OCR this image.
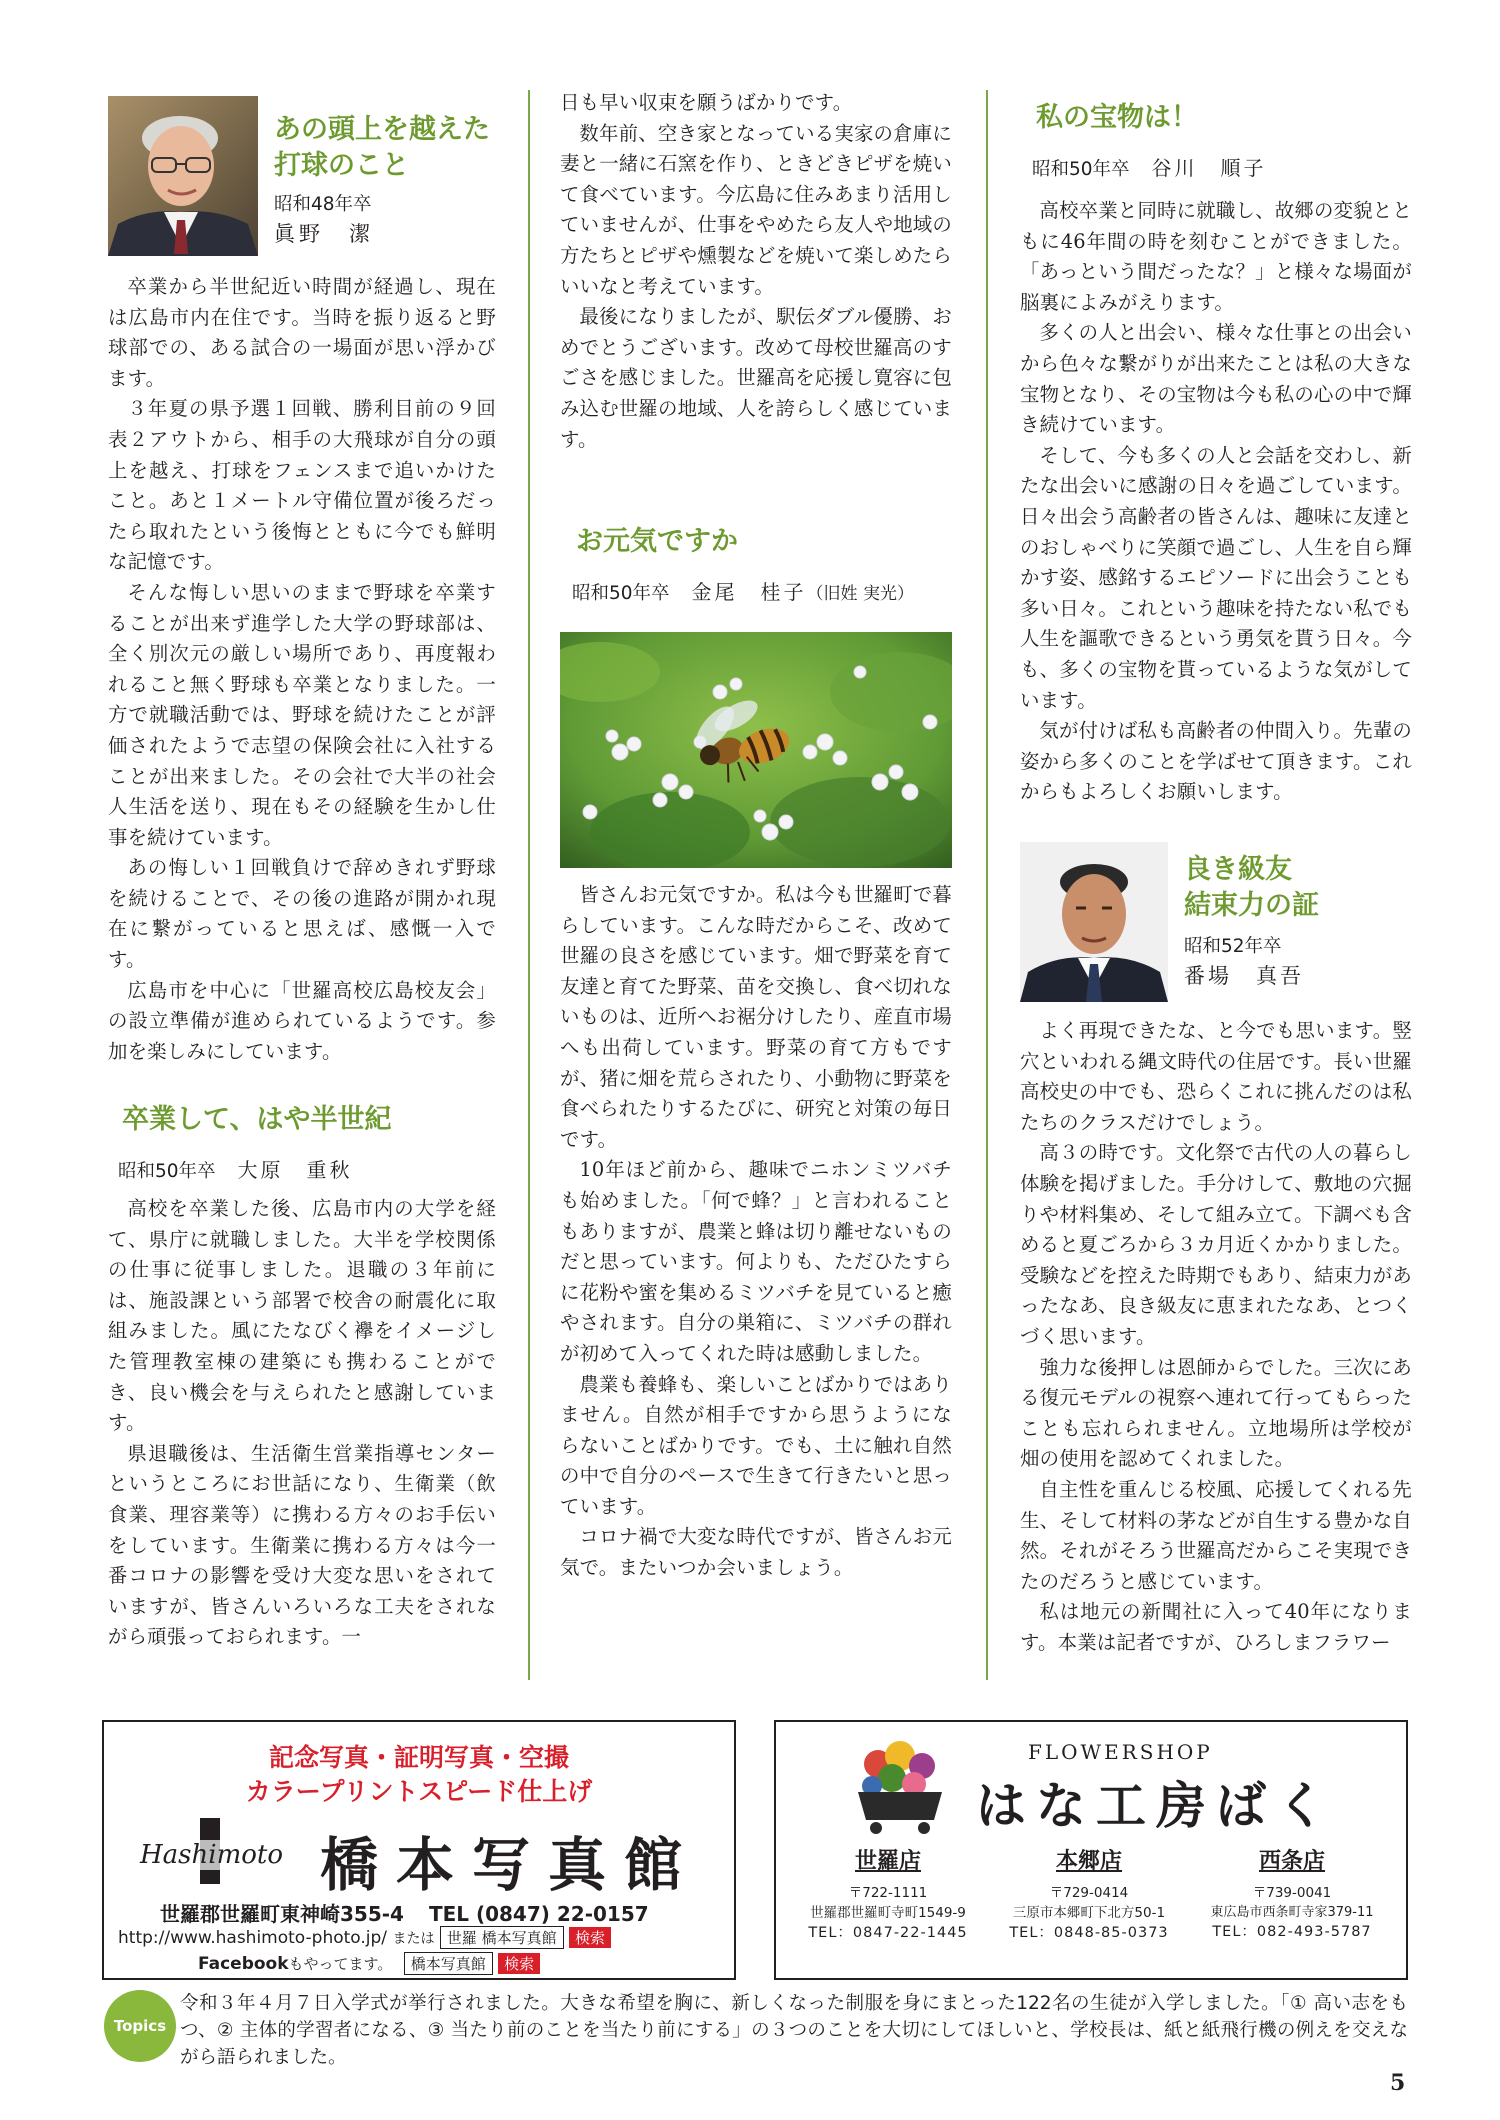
あの頭上を越えた

打球のこと

昭和48年卒

眞野　潔

卒業から半世紀近い時間が経過し、現在は広島市内在住です。当時を振り返ると野球部での、ある試合の一場面が思い浮かびます。

３年夏の県予選１回戦、勝利目前の９回表２アウトから、相手の大飛球が自分の頭上を越え、打球をフェンスまで追いかけたこと。あと１メートル守備位置が後ろだったら取れたという後悔とともに今でも鮮明な記憶です。

そんな悔しい思いのままで野球を卒業することが出来ず進学した大学の野球部は、全く別次元の厳しい場所であり、再度報われること無く野球も卒業となりました。一方で就職活動では、野球を続けたことが評価されたようで志望の保険会社に入社することが出来ました。その会社で大半の社会人生活を送り、現在もその経験を生かし仕事を続けています。

あの悔しい１回戦負けで辞めきれず野球を続けることで、その後の進路が開かれ現在に繋がっていると思えば、感慨一入です。

広島市を中心に「世羅高校広島校友会」の設立準備が進められているようです。参加を楽しみにしています。

卒業して、はや半世紀

昭和50年卒 大原　重秋

高校を卒業した後、広島市内の大学を経て、県庁に就職しました。大半を学校関係の仕事に従事しました。退職の３年前には、施設課という部署で校舎の耐震化に取組みました。風にたなびく襷をイメージした管理教室棟の建築にも携わることができ、良い機会を与えられたと感謝しています。

県退職後は、生活衛生営業指導センターというところにお世話になり、生衛業（飲食業、理容業等）に携わる方々のお手伝いをしています。生衛業に携わる方々は今一番コロナの影響を受け大変な思いをされていますが、皆さんいろいろな工夫をされながら頑張っておられます。一

日も早い収束を願うばかりです。

数年前、空き家となっている実家の倉庫に妻と一緒に石窯を作り、ときどきピザを焼いて食べています。今広島に住みあまり活用していませんが、仕事をやめたら友人や地域の方たちとピザや燻製などを焼いて楽しめたらいいなと考えています。

最後になりましたが、駅伝ダブル優勝、おめでとうございます。改めて母校世羅高のすごさを感じました。世羅高を応援し寛容に包み込む世羅の地域、人を誇らしく感じています。

お元気ですか

昭和50年卒 金尾　桂子（旧姓 実光）

皆さんお元気ですか。私は今も世羅町で暮らしています。こんな時だからこそ、改めて世羅の良さを感じています。畑で野菜を育て友達と育てた野菜、苗を交換し、食べ切れないものは、近所へお裾分けしたり、産直市場へも出荷しています。野菜の育て方もですが、猪に畑を荒らされたり、小動物に野菜を食べられたりするたびに、研究と対策の毎日です。

10年ほど前から、趣味でニホンミツバチも始めました。「何で蜂？」と言われることもありますが、農業と蜂は切り離せないものだと思っています。何よりも、ただひたすらに花粉や蜜を集めるミツバチを見ていると癒やされます。自分の巣箱に、ミツバチの群れが初めて入ってくれた時は感動しました。

農業も養蜂も、楽しいことばかりではありません。自然が相手ですから思うようにならないことばかりです。でも、土に触れ自然の中で自分のペースで生きて行きたいと思っています。

コロナ禍で大変な時代ですが、皆さんお元気で。またいつか会いましょう。

私の宝物は！

昭和50年卒 谷川　順子

高校卒業と同時に就職し、故郷の変貌とともに46年間の時を刻むことができました。「あっという間だったな？」と様々な場面が脳裏によみがえります。

多くの人と出会い、様々な仕事との出会いから色々な繋がりが出来たことは私の大きな宝物となり、その宝物は今も私の心の中で輝き続けています。

そして、今も多くの人と会話を交わし、新たな出会いに感謝の日々を過ごしています。日々出会う高齢者の皆さんは、趣味に友達とのおしゃべりに笑顔で過ごし、人生を自ら輝かす姿、感銘するエピソードに出会うことも多い日々。これという趣味を持たない私でも人生を謳歌できるという勇気を貰う日々。今も、多くの宝物を貰っているような気がしています。

気が付けば私も高齢者の仲間入り。先輩の姿から多くのことを学ばせて頂きます。これからもよろしくお願いします。

良き級友

結束力の証

昭和52年卒

番場　真吾

よく再現できたな、と今でも思います。竪穴といわれる縄文時代の住居です。長い世羅高校史の中でも、恐らくこれに挑んだのは私たちのクラスだけでしょう。

高３の時です。文化祭で古代の人の暮らし体験を掲げました。手分けして、敷地の穴掘りや材料集め、そして組み立て。下調べも含めると夏ごろから３カ月近くかかりました。受験などを控えた時期でもあり、結束力があったなあ、良き級友に恵まれたなあ、とつくづく思います。

強力な後押しは恩師からでした。三次にある復元モデルの視察へ連れて行ってもらったことも忘れられません。立地場所は学校が畑の使用を認めてくれました。

自主性を重んじる校風、応援してくれる先生、そして材料の茅などが自生する豊かな自然。それがそろう世羅高だからこそ実現できたのだろうと感じています。

私は地元の新聞社に入って40年になります。本業は記者ですが、ひろしまフラワー

記念写真・証明写真・空撮
カラープリントスピード仕上げ
Hashimoto 橋本写真館
世羅郡世羅町東神崎355-4 TEL (0847) 22-0157
http://www.hashimoto-photo.jp/ または 世羅 橋本写真館 検索
Facebookもやってます。 橋本写真館 検索
FLOWERSHOP
はな工房ばく
世羅店
〒722-1111
世羅郡世羅町寺町1549-9
TEL：0847-22-1445
本郷店
〒729-0414
三原市本郷町下北方50-1
TEL：0848-85-0373
西条店
〒739-0041
東広島市西条町寺家379-11
TEL：082-493-5787
Topics

令和３年４月７日入学式が挙行されました。大きな希望を胸に、新しくなった制服を身にまとった122名の生徒が入学しました。「① 高い志をもつ、② 主体的学習者になる、③ 当たり前のことを当たり前にする」の３つのことを大切にしてほしいと、学校長は、紙と紙飛行機の例えを交えながら語られました。

5
